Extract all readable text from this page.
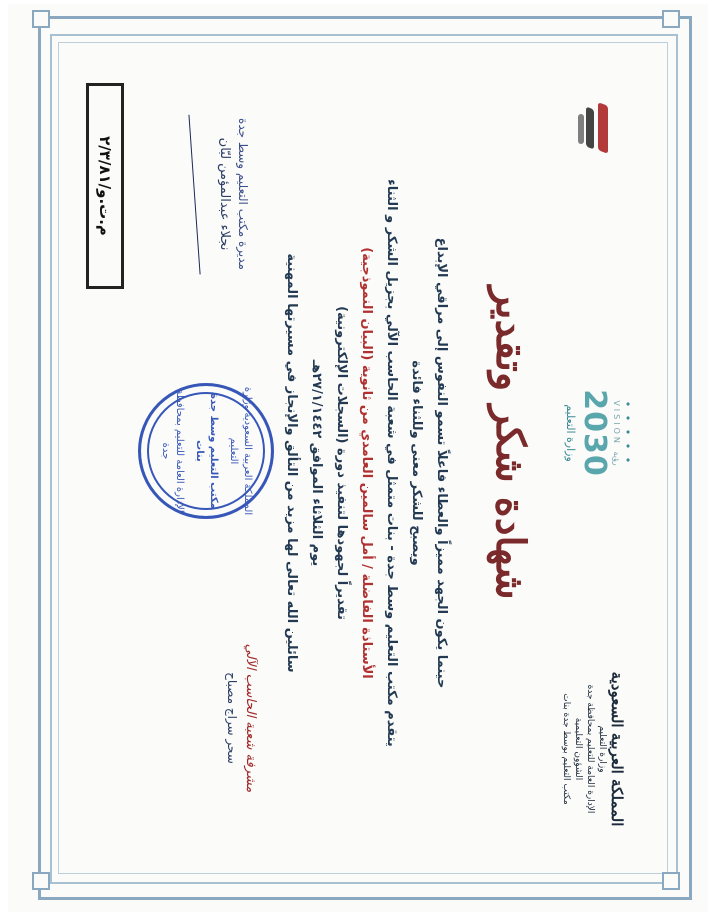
المملكة العربية السعودية
وزارة التعليم
الإدارة العامة للتعليم بمحافظة جدة
الشؤون التعليمية
مكتب التعليم بوسط جدة بنات
• • • • •
VISION رؤية
2030
وزارة التعليم
شهادة شكر وتقدير
حينما يكون الجهد مميزاً والعطاء فاعلاً تسمو النفوس إلى مراقي الإبداع
ويصبح للشكر معنى وللثناء فائدة
يتقدم مكتب التعليم وسط جدة - بنات متمثل في شعبة الحاسب الآلي بجزيل الشكر و الثناء
الأستاذة الفاضلة / أمل سالمين العامدي من ثانوية (البيان النموذجية)
تقديراً لجهودها لتنفيذ دورة (السجلات الإلكترونية)
يوم الثلاثاء الموافق ٢٧/١/١٤٤٢هـ
سائلين الله تعالى لها مزيد من التألق والإنجاز في مسيرتها المهنية
مشرفة شعبة الحاسب الآلي
سحر سراج مصباح
المملكة العربية السعودية وزارة التعليم
مكتب التعليم وسط جدة بنات
الإدارة العامة للتعليم بمحافظة جدة
مديرة مكتب التعليم وسط جدة
نجلاء عبدالمؤمن لبّان
م.ت.و/٢/٣/٨١
